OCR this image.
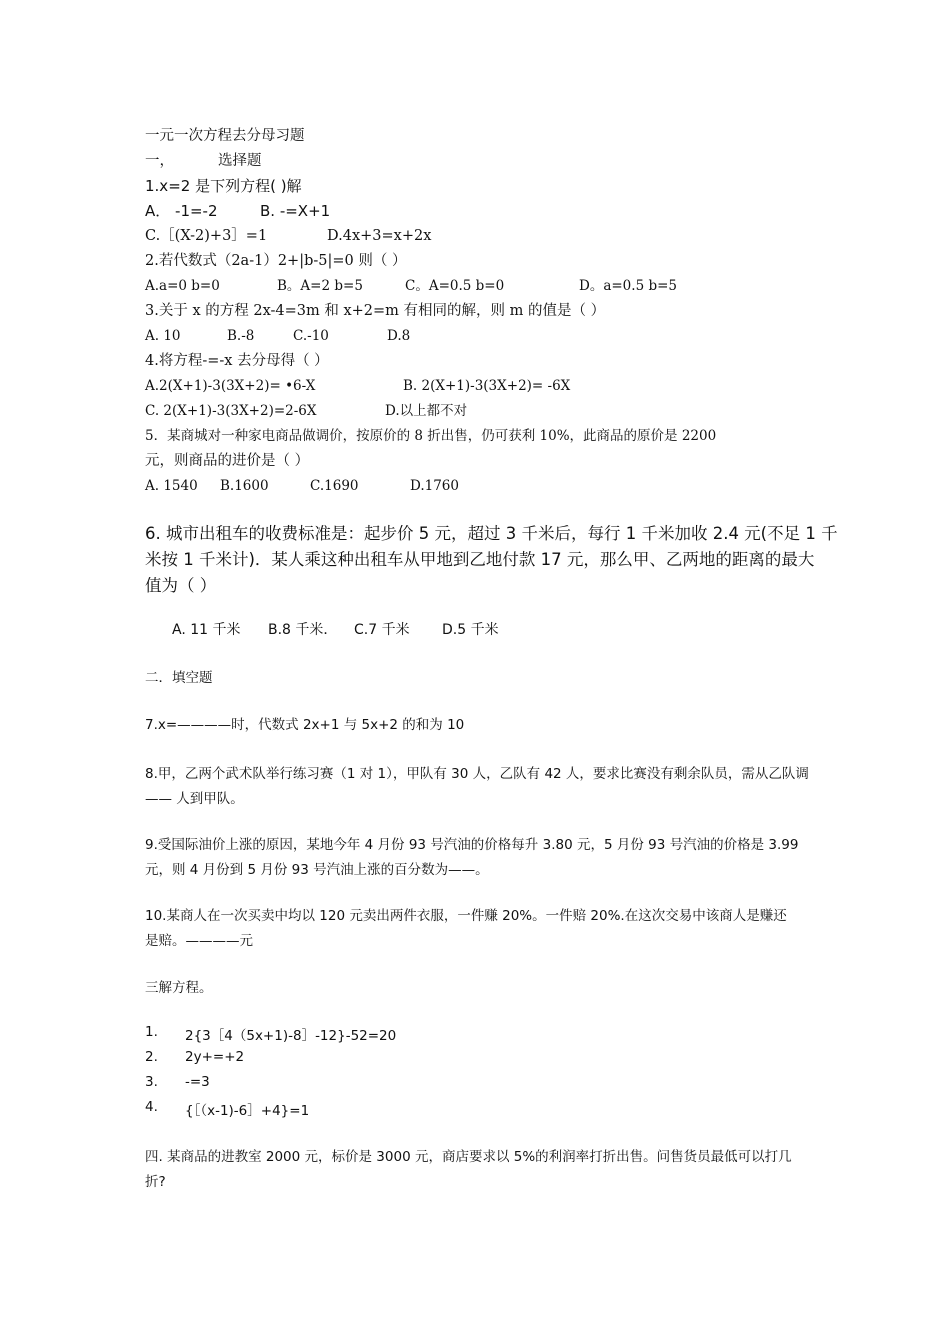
一元一次方程去分母习题
一，	选择题
1.x=2 是下列方程( )解
A． -1=-2	B. -=X+1
C.［(X-2)+3］=1	D.4x+3=x+2x
2.若代数式（2a-1）2+|b-5|=0 则（ ）
A.a=0 b=0	B。A=2 b=5	C。A=0.5 b=0	D。a=0.5 b=5
3.关于 x 的方程 2x-4=3m 和 x+2=m 有相同的解，则 m 的值是（ ）
A. 10	B.-8	C.-10	D.8
4.将方程-=-x 去分母得（ ）
A.2(X+1)-3(3X+2)= •6-X	B. 2(X+1)-3(3X+2)= -6X
C. 2(X+1)-3(3X+2)=2-6X	D.以上都不对
5．某商城对一种家电商品做调价，按原价的 8 折出售，仍可获利 10%，此商品的原价是 2200
元，则商品的进价是（ ）
A. 1540 B.1600	C.1690	D.1760
6. 城市出租车的收费标准是：起步价 5 元，超过 3 千米后，每行 1 千米加收 2.4 元(不足 1 千
米按 1 千米计)．某人乘这种出租车从甲地到乙地付款 17 元，那么甲、乙两地的距离的最大
值为（ ）
A. 11 千米 B.8 千米． C.7 千米 D.5 千米
二．填空题
7.x=————时，代数式 2x+1 与 5x+2 的和为 10
8.甲，乙两个武术队举行练习赛（1 对 1），甲队有 30 人，乙队有 42 人，要求比赛没有剩余队员，需从乙队调
—— 人到甲队。
9.受国际油价上涨的原因，某地今年 4 月份 93 号汽油的价格每升 3.80 元，5 月份 93 号汽油的价格是 3.99
元，则 4 月份到 5 月份 93 号汽油上涨的百分数为——。
10.某商人在一次买卖中均以 120 元卖出两件衣服，一件赚 20%。一件赔 20%.在这次交易中该商人是赚还
是赔。————元
三解方程。
1. 2{3［4（5x+1)-8］-12}-52=20
2. 2y+=+2
3. -=3
4. {［（x-1)-6］+4}=1
四. 某商品的进教室 2000 元，标价是 3000 元，商店要求以 5%的利润率打折出售。问售货员最低可以打几
折?
